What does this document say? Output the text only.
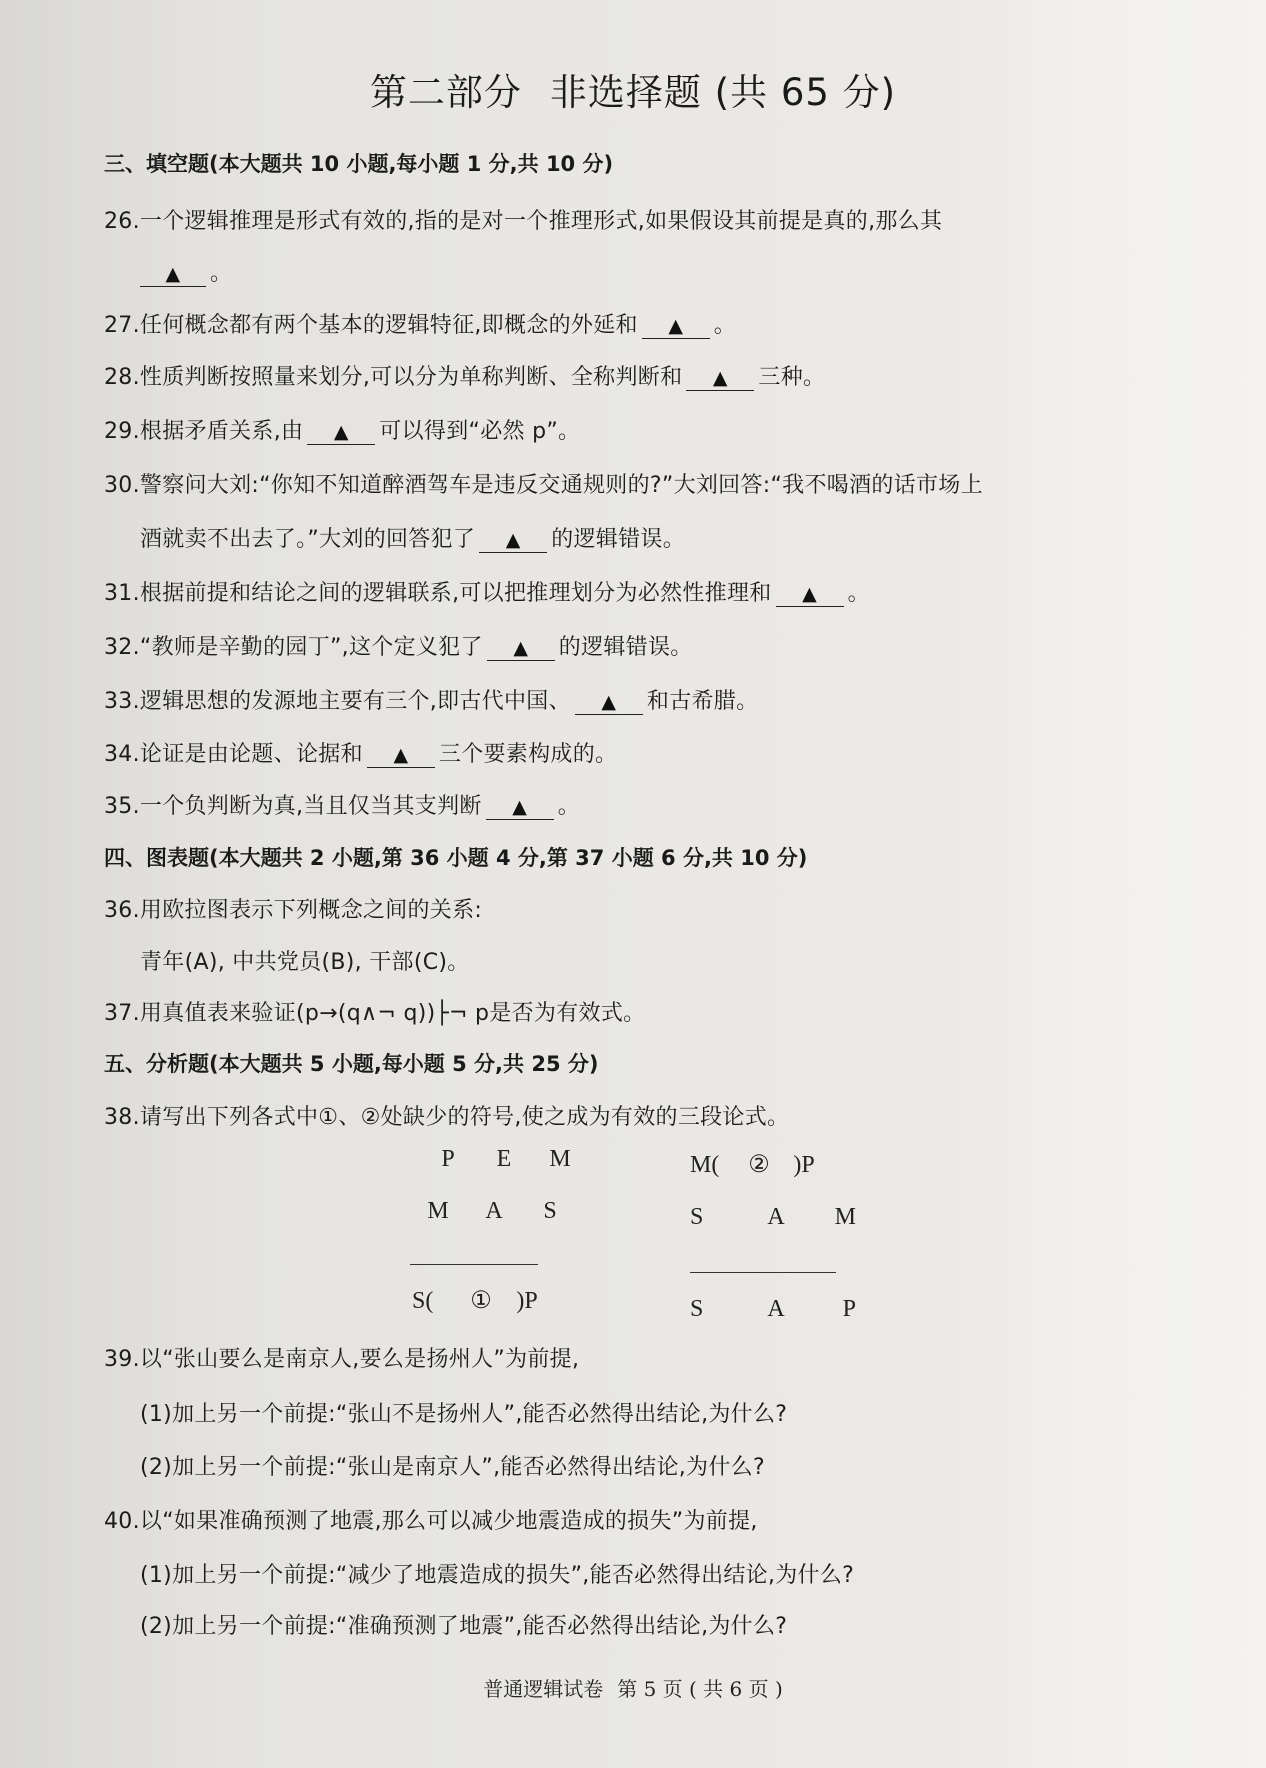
第二部分 非选择题 (共 65 分)
三、填空题(本大题共 10 小题,每小题 1 分,共 10 分)
26.一个逻辑推理是形式有效的,指的是对一个推理形式,如果假设其前提是真的,那么其
▲ 。
27.任何概念都有两个基本的逻辑特征,即概念的外延和 ▲ 。
28.性质判断按照量来划分,可以分为单称判断、全称判断和 ▲ 三种。
29.根据矛盾关系,由 ▲ 可以得到“必然 p”。
30.警察问大刘:“你知不知道醉酒驾车是违反交通规则的?”大刘回答:“我不喝酒的话市场上
酒就卖不出去了。”大刘的回答犯了 ▲ 的逻辑错误。
31.根据前提和结论之间的逻辑联系,可以把推理划分为必然性推理和 ▲ 。
32.“教师是辛勤的园丁”,这个定义犯了 ▲ 的逻辑错误。
33.逻辑思想的发源地主要有三个,即古代中国、 ▲ 和古希腊。
34.论证是由论题、论据和 ▲ 三个要素构成的。
35.一个负判断为真,当且仅当其支判断 ▲ 。
四、图表题(本大题共 2 小题,第 36 小题 4 分,第 37 小题 6 分,共 10 分)
36.用欧拉图表示下列概念之间的关系:
青年(A), 中共党员(B), 干部(C)。
37.用真值表来验证(p→(q∧¬ q))├¬ p是否为有效式。
五、分析题(本大题共 5 小题,每小题 5 分,共 25 分)
38.请写出下列各式中①、②处缺少的符号,使之成为有效的三段论式。
P E M
M A S
S( ① )P
M( ② )P
S	A M
S	A P
39.以“张山要么是南京人,要么是扬州人”为前提,
(1)加上另一个前提:“张山不是扬州人”,能否必然得出结论,为什么?
(2)加上另一个前提:“张山是南京人”,能否必然得出结论,为什么?
40.以“如果准确预测了地震,那么可以减少地震造成的损失”为前提,
(1)加上另一个前提:“减少了地震造成的损失”,能否必然得出结论,为什么?
(2)加上另一个前提:“准确预测了地震”,能否必然得出结论,为什么?
普通逻辑试卷 第 5 页 ( 共 6 页 )
